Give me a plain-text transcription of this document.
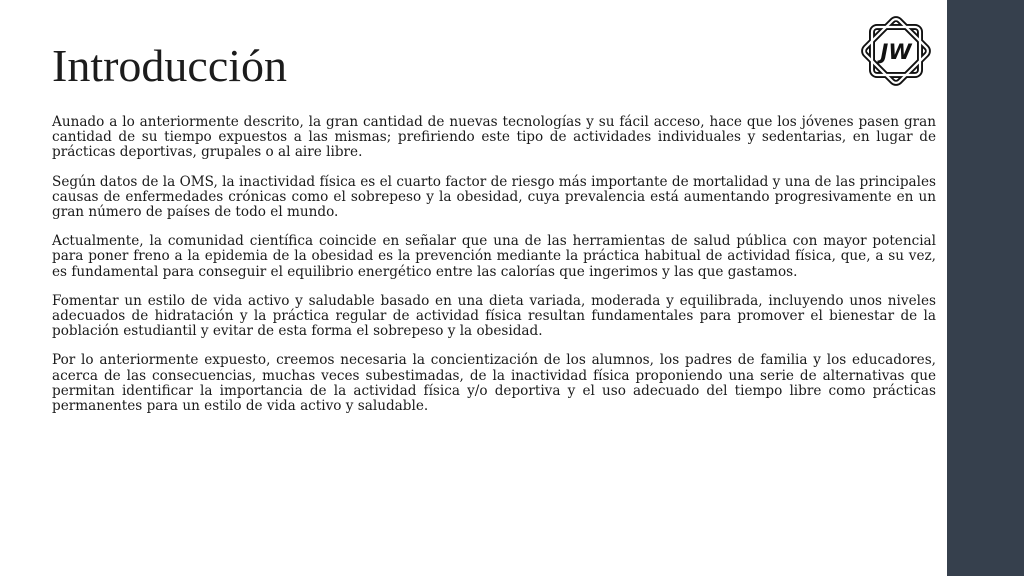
Introducción	JW

Aunado a lo anteriormente descrito, la gran cantidad de nuevas tecnologías y su fácil acceso, hace que los jóvenes pasen gran cantidad de su tiempo expuestos a las mismas; prefiriendo este tipo de actividades individuales y sedentarias, en lugar de prácticas deportivas, grupales o al aire libre.

Según datos de la OMS, la inactividad física es el cuarto factor de riesgo más importante de mortalidad y una de las principales causas de enfermedades crónicas como el sobrepeso y la obesidad, cuya prevalencia está aumentando progresivamente en un gran número de países de todo el mundo.

Actualmente, la comunidad científica coincide en señalar que una de las herramientas de salud pública con mayor potencial para poner freno a la epidemia de la obesidad es la prevención mediante la práctica habitual de actividad física, que, a su vez, es fundamental para conseguir el equilibrio energético entre las calorías que ingerimos y las que gastamos.

Fomentar un estilo de vida activo y saludable basado en una dieta variada, moderada y equilibrada, incluyendo unos niveles adecuados de hidratación y la práctica regular de actividad física resultan fundamentales para promover el bienestar de la población estudiantil y evitar de esta forma el sobrepeso y la obesidad.

Por lo anteriormente expuesto, creemos necesaria la concientización de los alumnos, los padres de familia y los educadores, acerca de las consecuencias, muchas veces subestimadas, de la inactividad física proponiendo una serie de alternativas que permitan identificar la importancia de la actividad física y/o deportiva y el uso adecuado del tiempo libre como prácticas permanentes para un estilo de vida activo y saludable.
